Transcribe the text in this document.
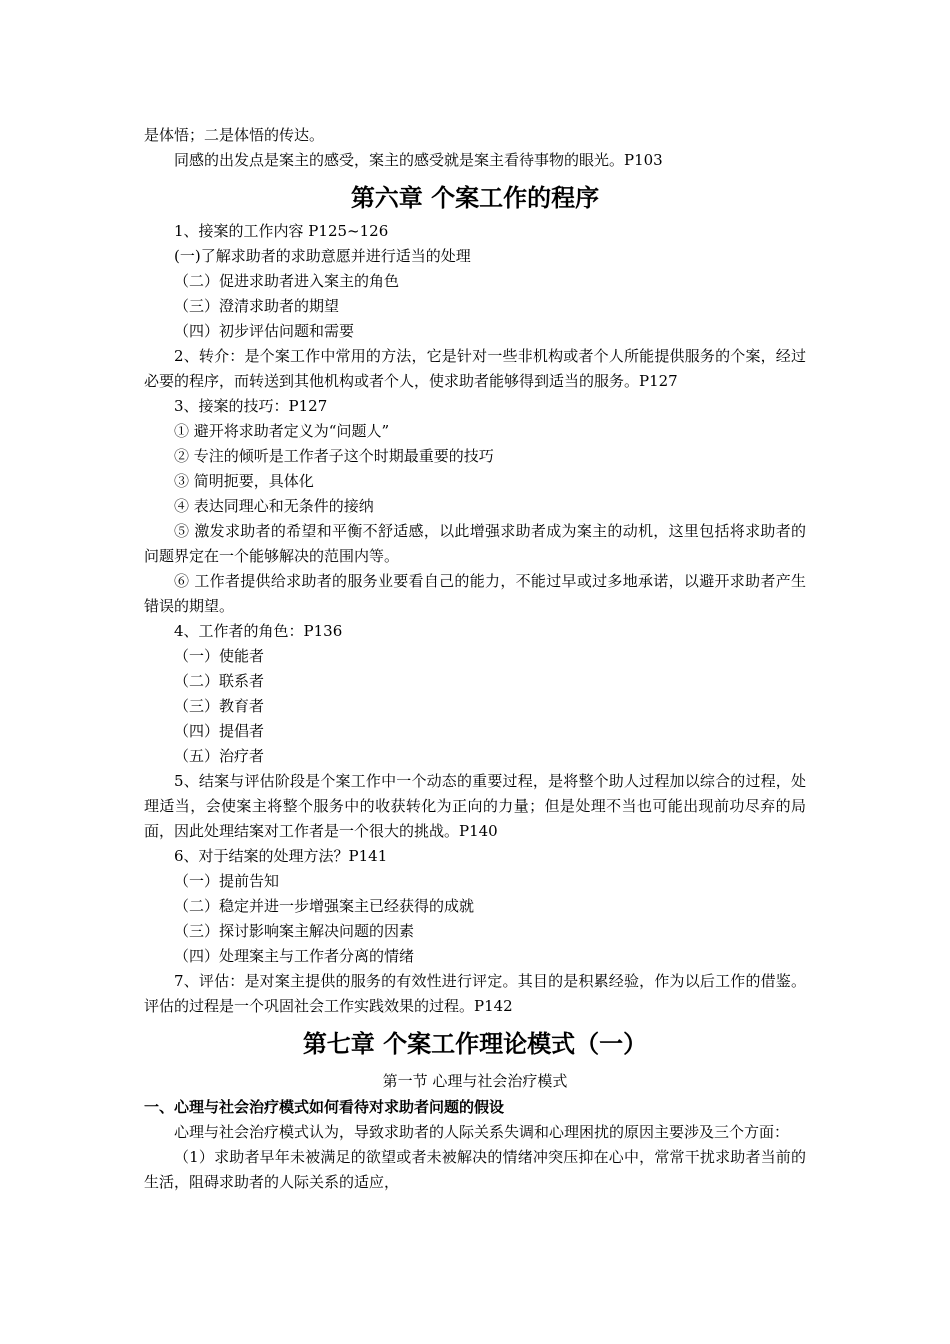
是体悟；二是体悟的传达。

同感的出发点是案主的感受，案主的感受就是案主看待事物的眼光。P103

第六章 个案工作的程序

1、接案的工作内容 P125~126

(一)了解求助者的求助意愿并进行适当的处理

（二）促进求助者进入案主的角色

（三）澄清求助者的期望

（四）初步评估问题和需要

2、转介：是个案工作中常用的方法，它是针对一些非机构或者个人所能提供服务的个案，经过必要的程序，而转送到其他机构或者个人，使求助者能够得到适当的服务。P127

3、接案的技巧：P127

① 避开将求助者定义为“问题人”

② 专注的倾听是工作者子这个时期最重要的技巧

③ 简明扼要，具体化

④ 表达同理心和无条件的接纳

⑤ 激发求助者的希望和平衡不舒适感，以此增强求助者成为案主的动机，这里包括将求助者的问题界定在一个能够解决的范围内等。

⑥ 工作者提供给求助者的服务业要看自己的能力，不能过早或过多地承诺，以避开求助者产生错误的期望。

4、工作者的角色：P136

（一）使能者

（二）联系者

（三）教育者

（四）提倡者

（五）治疗者

5、结案与评估阶段是个案工作中一个动态的重要过程，是将整个助人过程加以综合的过程，处理适当，会使案主将整个服务中的收获转化为正向的力量；但是处理不当也可能出现前功尽弃的局面，因此处理结案对工作者是一个很大的挑战。P140

6、对于结案的处理方法？P141

（一）提前告知

（二）稳定并进一步增强案主已经获得的成就

（三）探讨影响案主解决问题的因素

（四）处理案主与工作者分离的情绪

7、评估：是对案主提供的服务的有效性进行评定。其目的是积累经验，作为以后工作的借鉴。评估的过程是一个巩固社会工作实践效果的过程。P142

第七章 个案工作理论模式（一）

第一节 心理与社会治疗模式

一、心理与社会治疗模式如何看待对求助者问题的假设

心理与社会治疗模式认为，导致求助者的人际关系失调和心理困扰的原因主要涉及三个方面：

（1）求助者早年未被满足的欲望或者未被解决的情绪冲突压抑在心中，常常干扰求助者当前的生活，阻碍求助者的人际关系的适应，
